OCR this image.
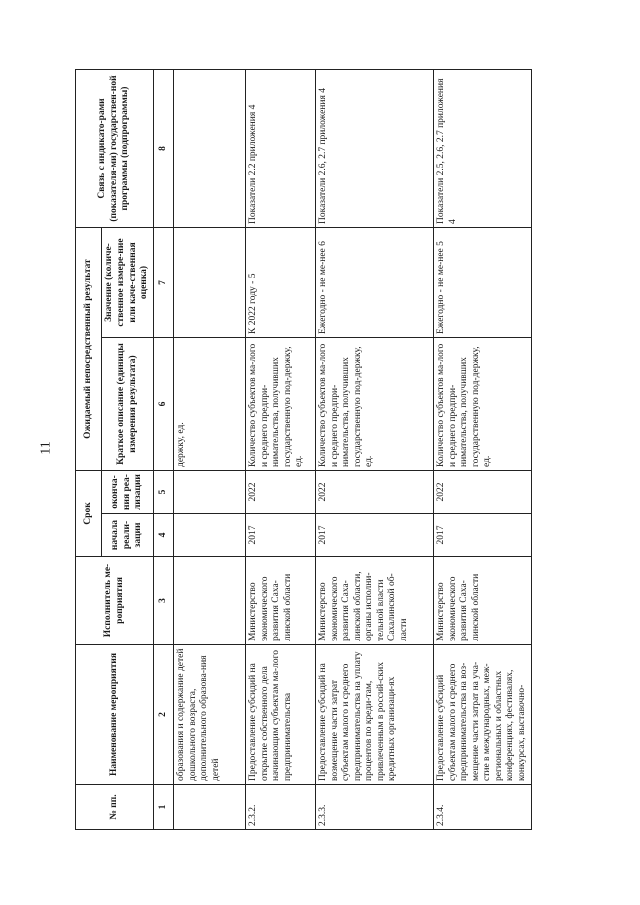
11
№ пп.	Наименование мероприятия	Исполнитель ме-роприятия	Срок		Ожидаемый непосредственный результат		Связь с индикато-рами (показателя-ми) государствен-ной программы (подпрограммы)
			начала реали-зации	оконча-ния реа-лизации	Краткое описание (единицы измерения результата)	Значение (количе-ственное измере-ние или каче-ственная оценка)	
1	2	3	4	5	6	7	8
	образования и содержание детей дошкольного возраста, дополнительного образова-ния детей				держку, ед.		
2.3.2.	Предоставление субсидий на открытие собственного дела начинающим субъектам ма-лого предпринимательства	Министерство экономического развития Саха-линской области	2017	2022	Количество субъектов ма-лого и среднего предпри-нимательства, получивших государственную под-держку, ед.	К 2022 году - 5	Показатели 2.2 приложения 4
2.3.3.	Предоставление субсидий на возмещение части затрат субъектам малого и среднего предпринимательства на уплату процентов по креди-там, привлеченным в россий-ских кредитных организаци-ях	Министерство экономического развития Саха-линской области, органы исполни-тельной власти Сахалинской об-ласти	2017	2022	Количество субъектов ма-лого и среднего предпри-нимательства, получивших государственную под-держку, ед.	Ежегодно - не ме-нее 6	Показатели 2.6, 2.7 приложения 4
2.3.4.	Предоставление субсидий субъектам малого и среднего предпринимательства на воз-мещение части затрат на уча-стие в международных, меж-региональных и областных конференциях, фестивалях, конкурсах, выставочно-	Министерство экономического развития Саха-линской области	2017	2022	Количество субъектов ма-лого и среднего предпри-нимательства, получивших государственную под-держку, ед.	Ежегодно - не ме-нее 5	Показатели 2.5, 2.6, 2.7 приложения 4
